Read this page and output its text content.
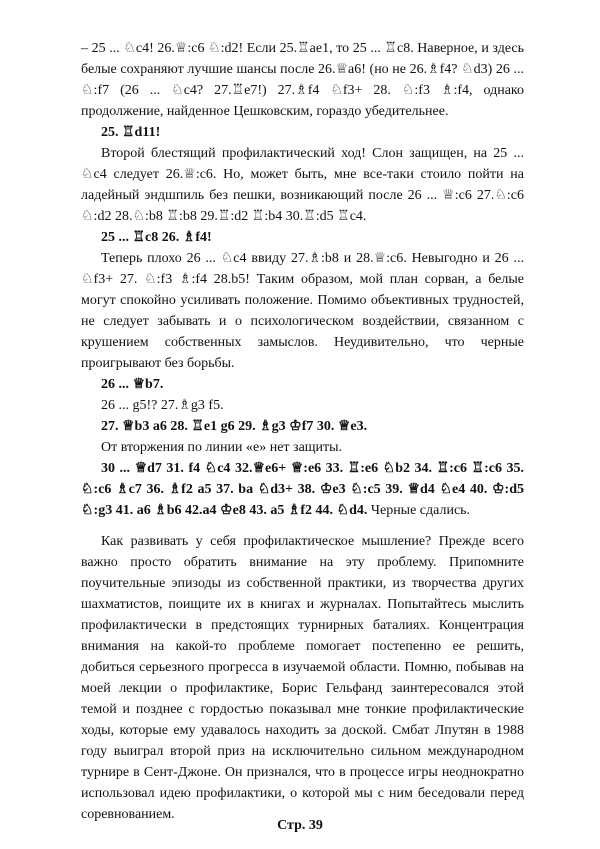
– 25 ... ♘c4! 26.♕:c6 ♘:d2! Если 25.♖ae1, то 25 ... ♖c8. Наверное, и здесь белые сохраняют лучшие шансы после 26.♕a6! (но не 26.♗f4? ♘d3) 26 ... ♘:f7 (26 ... ♘c4? 27.♖e7!) 27.♗f4 ♘f3+ 28. ♘:f3 ♗:f4, однако продолжение, найденное Цешковским, гораздо убедительнее.

25. ♖d11!

Второй блестящий профилактический ход! Слон защищен, на 25 ... ♘c4 следует 26.♕:c6. Но, может быть, мне все-таки стоило пойти на ладейный эндшпиль без пешки, возникающий после 26 ... ♕:c6 27.♘:c6 ♘:d2 28.♘:b8 ♖:b8 29.♖:d2 ♖:b4 30.♖:d5 ♖c4.

25 ... ♖c8 26. ♗f4!

Теперь плохо 26 ... ♘c4 ввиду 27.♗:b8 и 28.♕:c6. Невыгодно и 26 ... ♘f3+ 27. ♘:f3 ♗:f4 28.b5! Таким образом, мой план сорван, а белые могут спокойно усиливать положение. Помимо объективных трудностей, не следует забывать и о психологическом воздействии, связанном с крушением собственных замыслов. Неудивительно, что черные проигрывают без борьбы.

26 ... ♕b7.

26 ... g5!? 27.♗g3 f5.

27. ♕b3 a6 28. ♖e1 g6 29. ♗g3 ♔f7 30. ♕e3.

От вторжения по линии «е» нет защиты.

30 ... ♕d7 31. f4 ♘c4 32.♕e6+ ♕:e6 33. ♖:e6 ♘b2 34. ♖:c6 ♖:c6 35. ♘:c6 ♗c7 36. ♗f2 a5 37. ba ♘d3+ 38. ♔e3 ♘:c5 39. ♕d4 ♘e4 40. ♔:d5 ♘:g3 41. a6 ♗b6 42.a4 ♔e8 43. a5 ♗f2 44. ♘d4. Черные сдались.

Как развивать у себя профилактическое мышление? Прежде всего важно просто обратить внимание на эту проблему. Припомните поучительные эпизоды из собственной практики, из творчества других шахматистов, поищите их в книгах и журналах. Попытайтесь мыслить профилактически в предстоящих турнирных баталиях. Концентрация внимания на какой-то проблеме помогает постепенно ее решить, добиться серьезного прогресса в изучаемой области. Помню, побывав на моей лекции о профилактике, Борис Гельфанд заинтересовался этой темой и позднее с гордостью показывал мне тонкие профилактические ходы, которые ему удавалось находить за доской. Смбат Лпутян в 1988 году выиграл второй приз на исключительно сильном международном турнире в Сент-Джоне. Он признался, что в процессе игры неоднократно использовал идею профилактики, о которой мы с ним беседовали перед соревнованием.

Стр. 39
